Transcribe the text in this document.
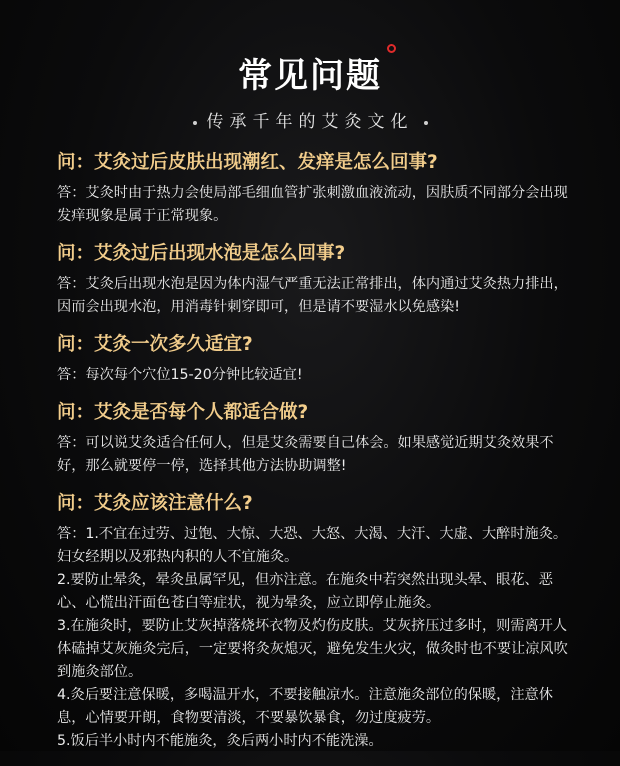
常见问题
传承千年的艾灸文化
问：艾灸过后皮肤出现潮红、发痒是怎么回事?

答：艾灸时由于热力会使局部毛细血管扩张刺激血液流动，因肤质不同部分会出现发痒现象是属于正常现象。

问：艾灸过后出现水泡是怎么回事?

答：艾灸后出现水泡是因为体内湿气严重无法正常排出，体内通过艾灸热力排出，因而会出现水泡，用消毒针刺穿即可，但是请不要湿水以免感染!

问：艾灸一次多久适宜?

答：每次每个穴位15-20分钟比较适宜!

问：艾灸是否每个人都适合做?

答：可以说艾灸适合任何人，但是艾灸需要自己体会。如果感觉近期艾灸效果不好，那么就要停一停，选择其他方法协助调整!

问：艾灸应该注意什么?

答：1.不宜在过劳、过饱、大惊、大恐、大怒、大渴、大汗、大虚、大醉时施灸。妇女经期以及邪热内积的人不宜施灸。

2.要防止晕灸，晕灸虽属罕见，但亦注意。在施灸中若突然出现头晕、眼花、恶心、心慌出汗面色苍白等症状，视为晕灸，应立即停止施灸。

3.在施灸时，要防止艾灰掉落烧坏衣物及灼伤皮肤。艾灰挤压过多时，则需离开人体磕掉艾灰施灸完后，一定要将灸灰熄灭，避免发生火灾，做灸时也不要让凉风吹到施灸部位。

4.灸后要注意保暖，多喝温开水，不要接触凉水。注意施灸部位的保暖，注意休息，心情要开朗，食物要清淡，不要暴饮暴食，勿过度疲劳。

5.饭后半小时内不能施灸，灸后两小时内不能洗澡。
